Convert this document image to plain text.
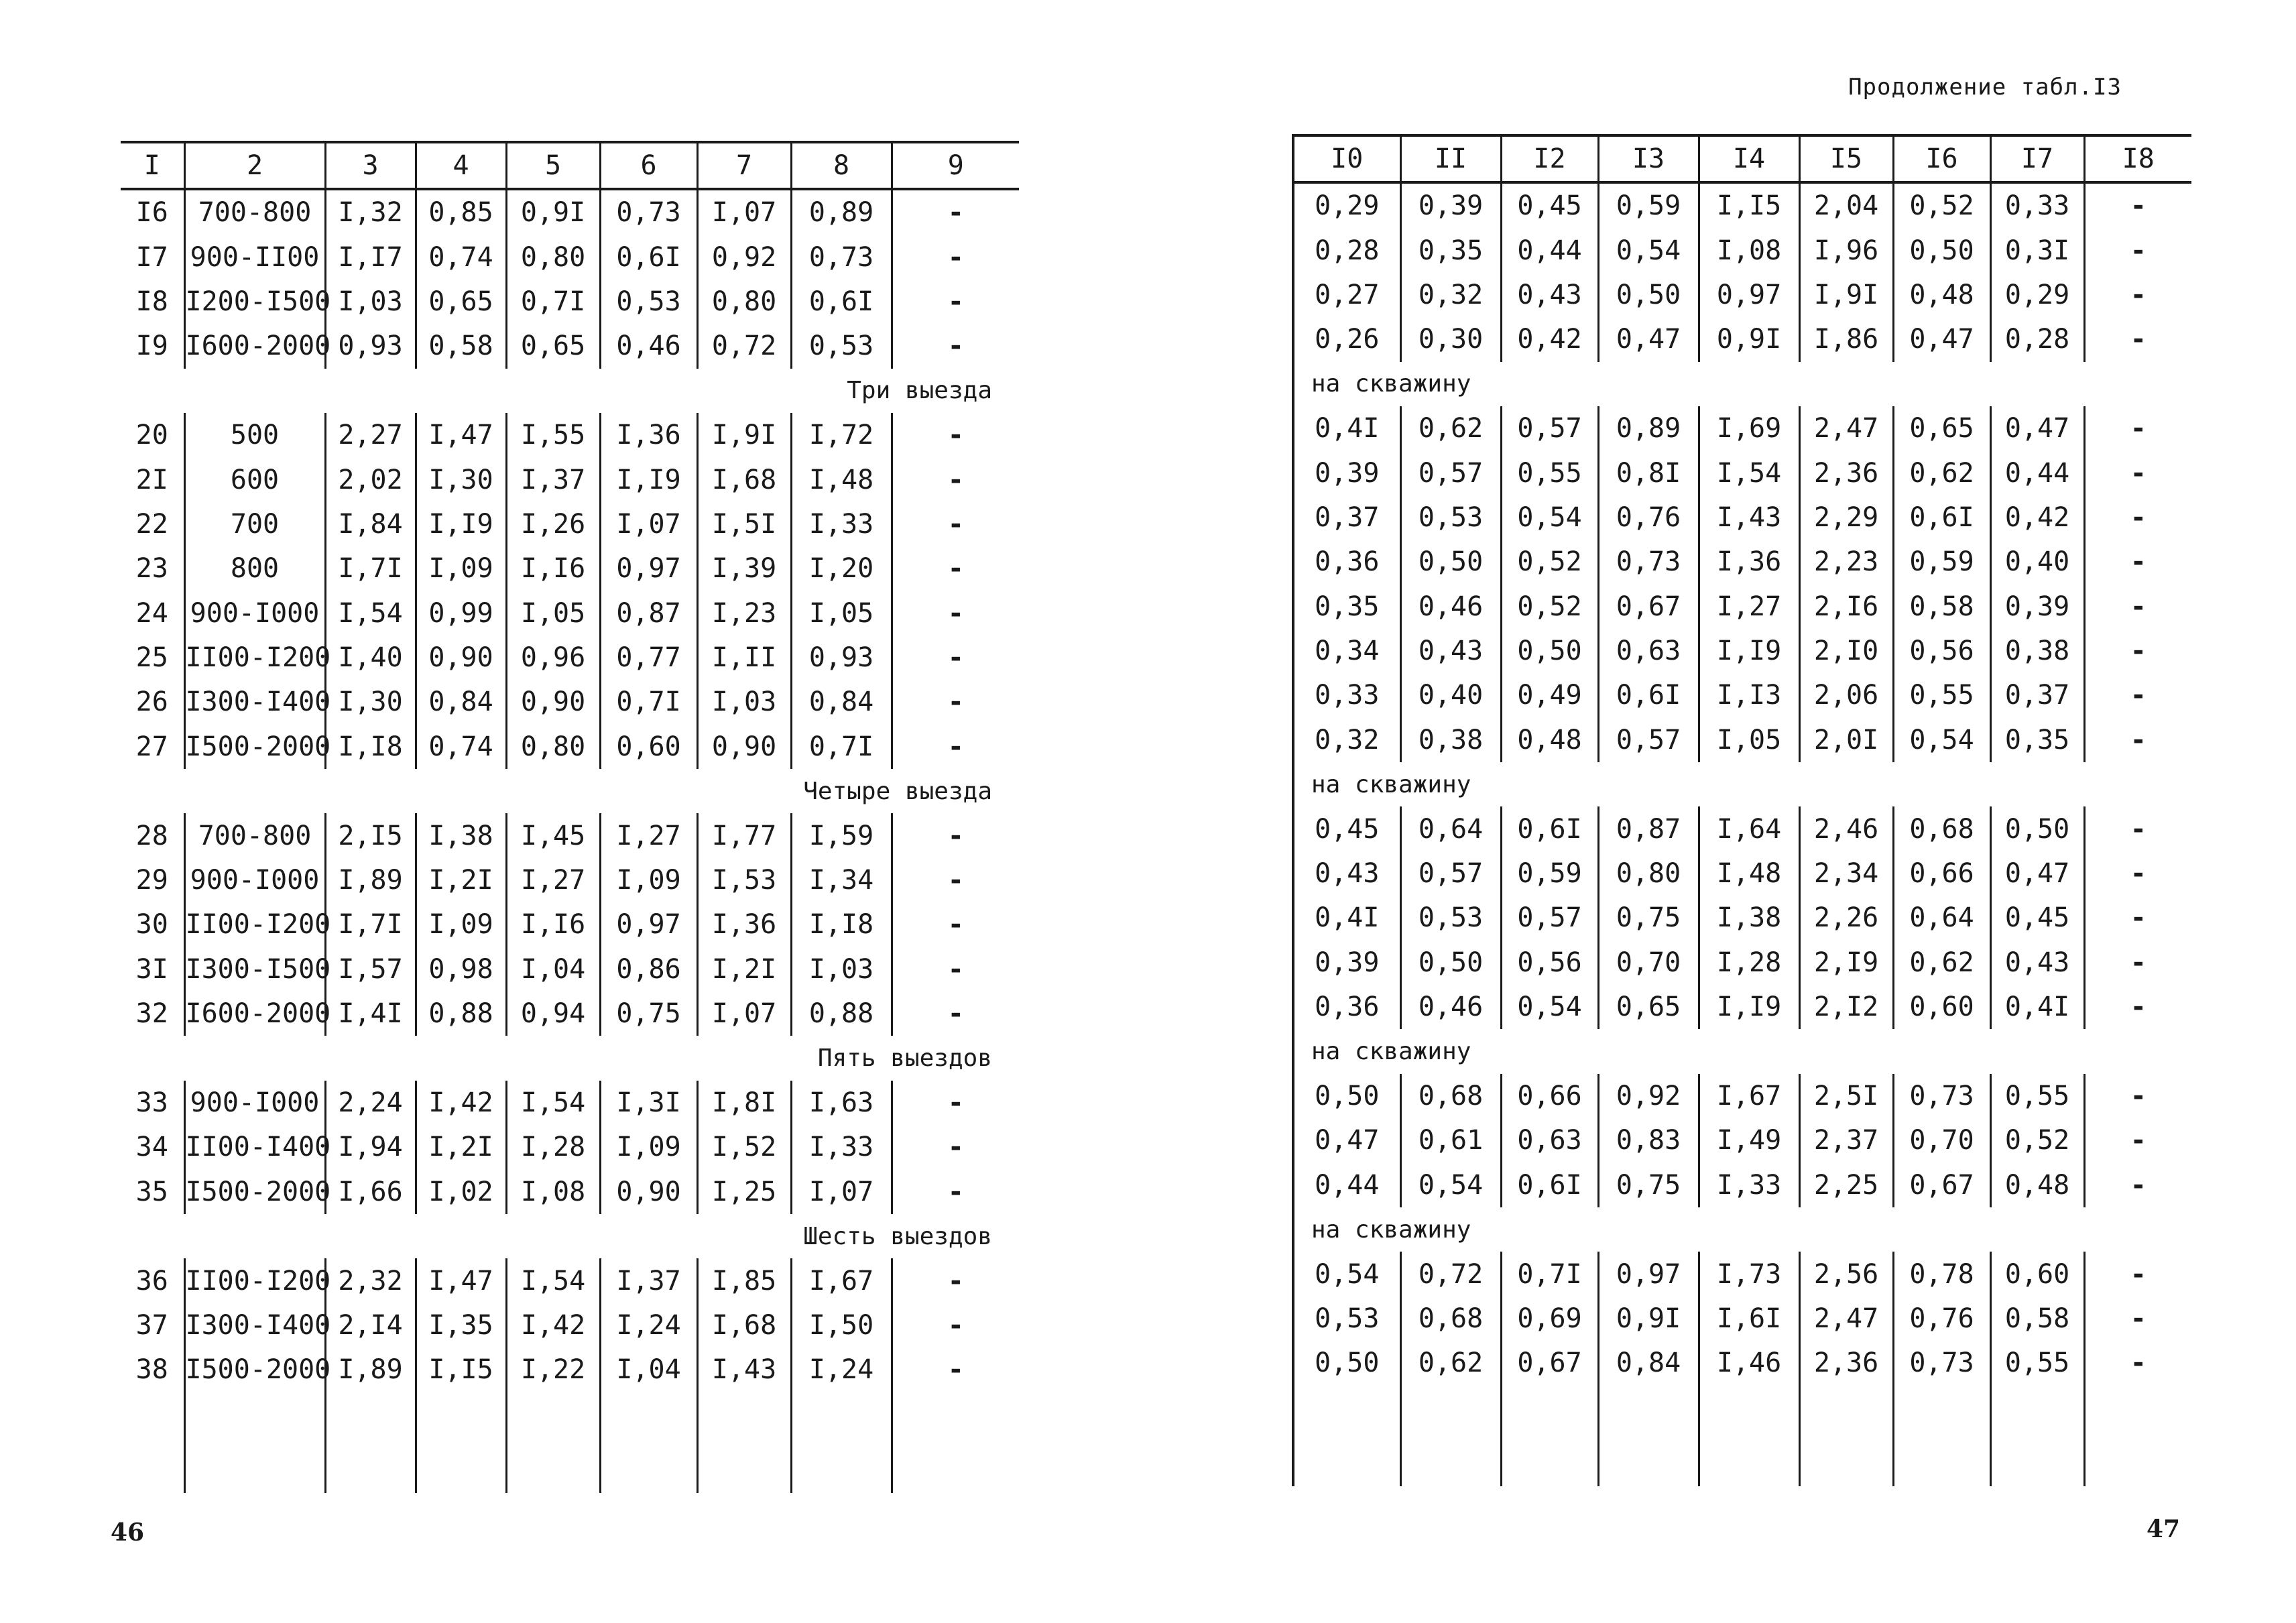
I	2	3	4	5	6	7	8	9
I6	700-800	I,32	0,85	0,9I	0,73	I,07	0,89	-
I7	900-II00	I,I7	0,74	0,80	0,6I	0,92	0,73	-
I8	I200-I500	I,03	0,65	0,7I	0,53	0,80	0,6I	-
I9	I600-2000	0,93	0,58	0,65	0,46	0,72	0,53	-
Три выезда								
20	500	2,27	I,47	I,55	I,36	I,9I	I,72	-
2I	600	2,02	I,30	I,37	I,I9	I,68	I,48	-
22	700	I,84	I,I9	I,26	I,07	I,5I	I,33	-
23	800	I,7I	I,09	I,I6	0,97	I,39	I,20	-
24	900-I000	I,54	0,99	I,05	0,87	I,23	I,05	-
25	II00-I200	I,40	0,90	0,96	0,77	I,II	0,93	-
26	I300-I400	I,30	0,84	0,90	0,7I	I,03	0,84	-
27	I500-2000	I,I8	0,74	0,80	0,60	0,90	0,7I	-
Четыре выезда								
28	700-800	2,I5	I,38	I,45	I,27	I,77	I,59	-
29	900-I000	I,89	I,2I	I,27	I,09	I,53	I,34	-
30	II00-I200	I,7I	I,09	I,I6	0,97	I,36	I,I8	-
3I	I300-I500	I,57	0,98	I,04	0,86	I,2I	I,03	-
32	I600-2000	I,4I	0,88	0,94	0,75	I,07	0,88	-
Пять выездов								
33	900-I000	2,24	I,42	I,54	I,3I	I,8I	I,63	-
34	II00-I400	I,94	I,2I	I,28	I,09	I,52	I,33	-
35	I500-2000	I,66	I,02	I,08	0,90	I,25	I,07	-
Шесть выездов								
36	II00-I200	2,32	I,47	I,54	I,37	I,85	I,67	-
37	I300-I400	2,I4	I,35	I,42	I,24	I,68	I,50	-
38	I500-2000	I,89	I,I5	I,22	I,04	I,43	I,24	-

46
Продолжение табл.I3
I0	II	I2	I3	I4	I5	I6	I7	I8
0,29	0,39	0,45	0,59	I,I5	2,04	0,52	0,33	-
0,28	0,35	0,44	0,54	I,08	I,96	0,50	0,3I	-
0,27	0,32	0,43	0,50	0,97	I,9I	0,48	0,29	-
0,26	0,30	0,42	0,47	0,9I	I,86	0,47	0,28	-
на скважину								
0,4I	0,62	0,57	0,89	I,69	2,47	0,65	0,47	-
0,39	0,57	0,55	0,8I	I,54	2,36	0,62	0,44	-
0,37	0,53	0,54	0,76	I,43	2,29	0,6I	0,42	-
0,36	0,50	0,52	0,73	I,36	2,23	0,59	0,40	-
0,35	0,46	0,52	0,67	I,27	2,I6	0,58	0,39	-
0,34	0,43	0,50	0,63	I,I9	2,I0	0,56	0,38	-
0,33	0,40	0,49	0,6I	I,I3	2,06	0,55	0,37	-
0,32	0,38	0,48	0,57	I,05	2,0I	0,54	0,35	-
на скважину								
0,45	0,64	0,6I	0,87	I,64	2,46	0,68	0,50	-
0,43	0,57	0,59	0,80	I,48	2,34	0,66	0,47	-
0,4I	0,53	0,57	0,75	I,38	2,26	0,64	0,45	-
0,39	0,50	0,56	0,70	I,28	2,I9	0,62	0,43	-
0,36	0,46	0,54	0,65	I,I9	2,I2	0,60	0,4I	-
на скважину								
0,50	0,68	0,66	0,92	I,67	2,5I	0,73	0,55	-
0,47	0,61	0,63	0,83	I,49	2,37	0,70	0,52	-
0,44	0,54	0,6I	0,75	I,33	2,25	0,67	0,48	-
на скважину								
0,54	0,72	0,7I	0,97	I,73	2,56	0,78	0,60	-
0,53	0,68	0,69	0,9I	I,6I	2,47	0,76	0,58	-
0,50	0,62	0,67	0,84	I,46	2,36	0,73	0,55	-

47
